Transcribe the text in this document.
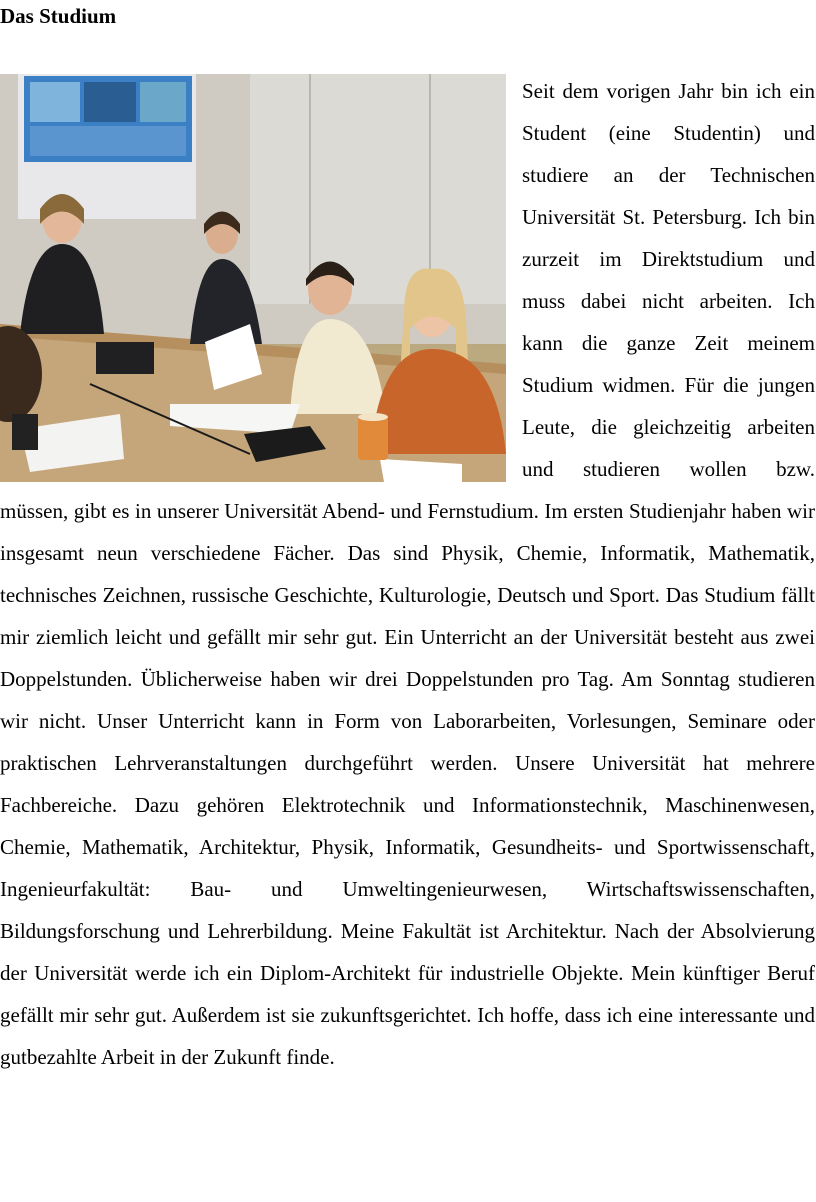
Das Studium

Seit dem vorigen Jahr bin ich ein Student (eine Studentin) und studiere an der Technischen Universität St. Petersburg. Ich bin zurzeit im Direktstudium und muss dabei nicht arbeiten. Ich kann die ganze Zeit meinem Studium widmen. Für die jungen Leute, die gleichzeitig arbeiten und studieren wollen bzw. müssen, gibt es in unserer Universität Abend- und Fernstudium. Im ersten Studienjahr haben wir insgesamt neun verschiedene Fächer. Das sind Physik, Chemie, Informatik, Mathematik, technisches Zeichnen, russische Geschichte, Kulturologie, Deutsch und Sport. Das Studium fällt mir ziemlich leicht und gefällt mir sehr gut. Ein Unterricht an der Universität besteht aus zwei Doppelstunden. Üblicherweise haben wir drei Doppelstunden pro Tag. Am Sonntag studieren wir nicht. Unser Unterricht kann in Form von Laborarbeiten, Vorlesungen, Seminare oder praktischen Lehrveranstaltungen durchgeführt werden. Unsere Universität hat mehrere Fachbereiche. Dazu gehören Elektrotechnik und Informationstechnik, Maschinenwesen, Chemie, Mathematik, Architektur, Physik, Informatik, Gesundheits- und Sportwissenschaft, Ingenieurfakultät: Bau- und Umweltingenieurwesen, Wirtschaftswissenschaften, Bildungsforschung und Lehrerbildung. Meine Fakultät ist Architektur. Nach der Absolvierung der Universität werde ich ein Diplom-Architekt für industrielle Objekte. Mein künftiger Beruf gefällt mir sehr gut. Außerdem ist sie zukunftsgerichtet. Ich hoffe, dass ich eine interessante und gutbezahlte Arbeit in der Zukunft finde.
